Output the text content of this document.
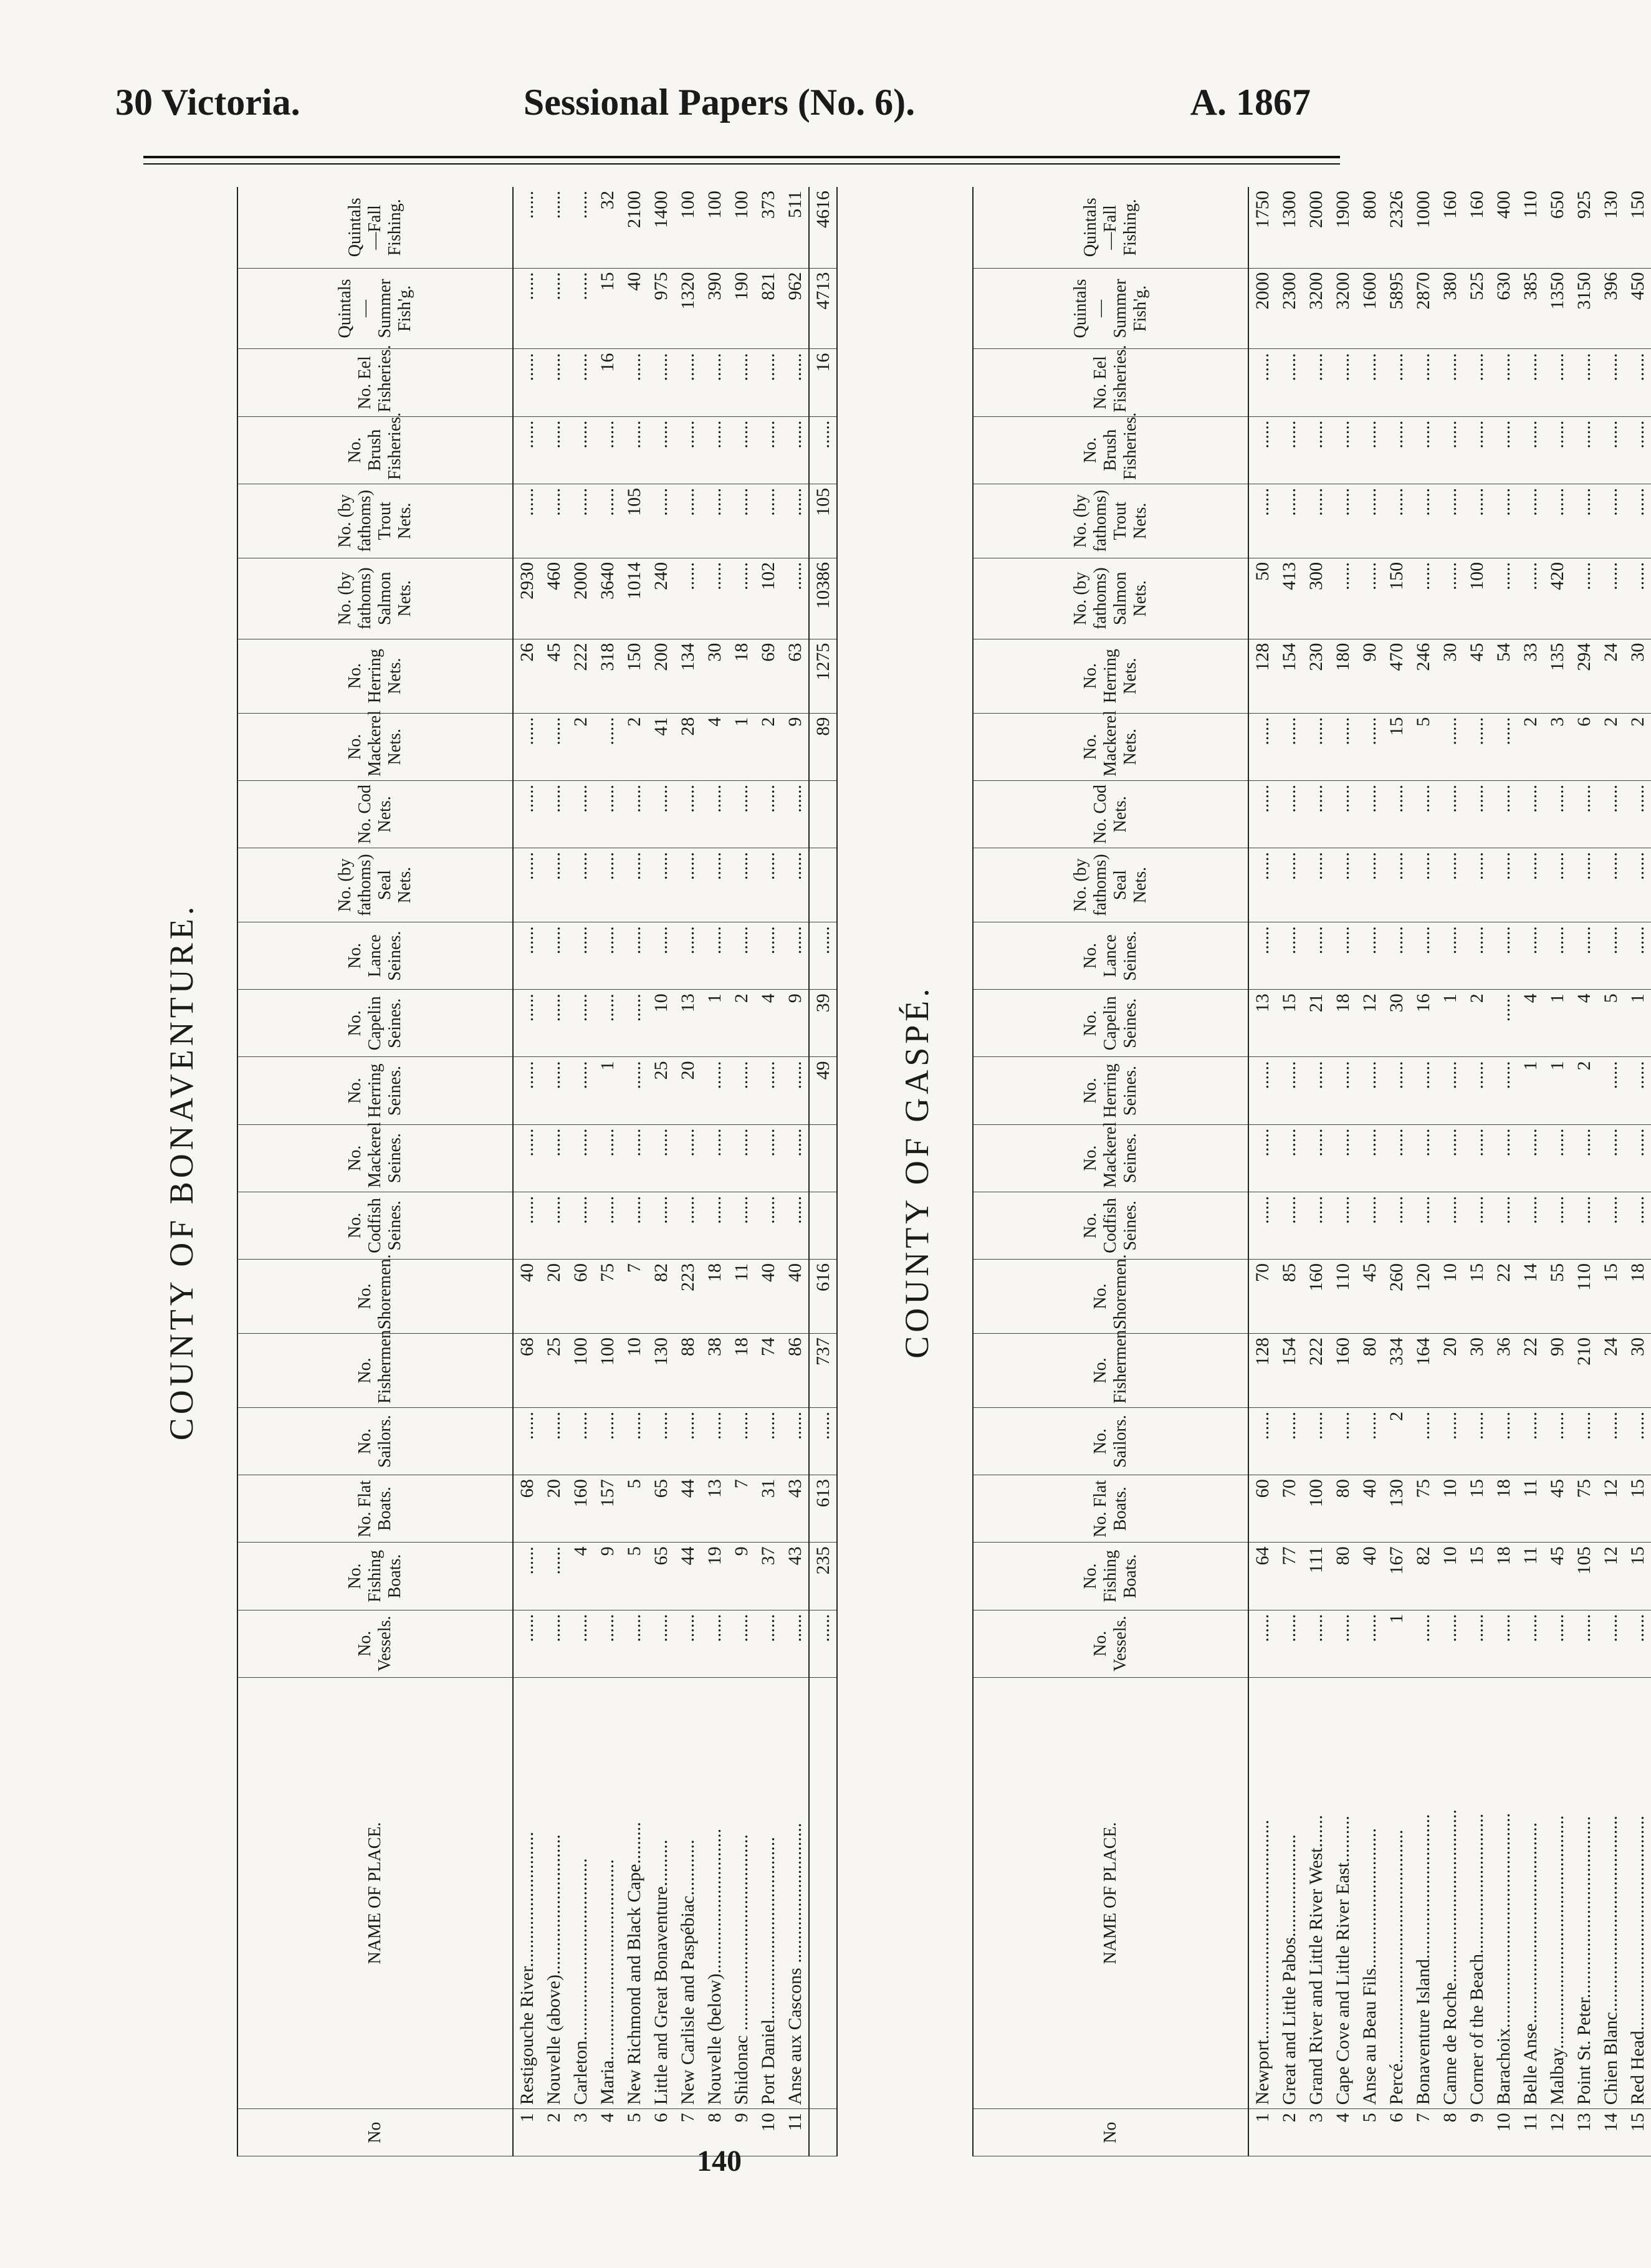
30 Victoria.	Sessional Papers (No. 6).	A. 1867
COUNTY OF BONAVENTURE.
No	NAME OF PLACE.	No. Vessels.	No. Fishing Boats.	No. Flat Boats.	No. Sailors.	No. Fishermen.	No. Shoremen.	No. Codfish Seines.	No. Mackerel Seines.	No. Herring Seines.	No. Capelin Seines.	No. Lance Seines.	No. (by fathoms) Seal Nets.	No. Cod Nets.	No. Mackerel Nets.	No. Herring Nets.	No. (by fathoms) Salmon Nets.	No. (by fathoms) Trout Nets.	No. Brush Fisheries.	No. Eel Fisheries.	Quintals—Summer Fish'g.	Quintals—Fall Fishing.
1	Restigouche River.............................	......	......	68	......	68	40	......	......	......	......	......	......	......	......	26	2930	......	......	......	......	......
2	Nouvelle (above)..............................	......	......	20	......	25	20	......	......	......	......	......	......	......	......	45	460	......	......	......	......	......
3	Carleton.......................................	......	4	160	......	100	60	......	......	......	......	......	......	......	2	222	2000	......	......	......	......	......
4	Maria...........................................	......	9	157	......	100	75	......	......	1	......	......	......	......	......	318	3640	......	......	16	15	32
5	New Richmond and Black Cape.........	......	5	5	......	10	7	......	......	......	......	......	......	......	2	150	1014	105	......	......	40	2100
6	Little and Great Bonaventure..........	......	65	65	......	130	82	......	......	25	10	......	......	......	41	200	240	......	......	......	975	1400
7	New Carlisle and Paspébiac............	......	44	44	......	88	223	......	......	20	13	......	......	......	28	134	......	......	......	......	1320	100
8	Nouvelle (below)...............................	......	19	13	......	38	18	......	......	......	1	......	......	......	4	30	......	......	......	......	390	100
9	Shidonac ..........................................	......	9	7	......	18	11	......	......	......	2	......	......	......	1	18	......	......	......	......	190	100
10	Port Daniel.......................................	......	37	31	......	74	40	......	......	......	4	......	......	......	2	69	102	......	......	......	821	373
11	Anse aux Cascons ..............................	......	43	43	......	86	40	......	......	......	9	......	......	......	9	63	......	......	......	......	962	511
		......	235	613	......	737	616			49	39	......			89	1275	10386	105	......	16	4713	4616
COUNTY OF GASPÉ.
No	NAME OF PLACE.	No. Vessels.	No. Fishing Boats.	No. Flat Boats.	No. Sailors.	No. Fishermen.	No. Shoremen.	No. Codfish Seines.	No. Mackerel Seines.	No. Herring Seines.	No. Capelin Seines.	No. Lance Seines.	No. (by fathoms) Seal Nets.	No. Cod Nets.	No. Mackerel Nets.	No. Herring Nets.	No. (by fathoms) Salmon Nets.	No. (by fathoms) Trout Nets.	No. Brush Fisheries.	No. Eel Fisheries.	Quintals—Summer Fish'g.	Quintals—Fall Fishing.
1	Newport...............................................	......	64	60	......	128	70	......	......	......	13	......	......	......	......	128	50	......	......	......	2000	1750
2	Great and Little Pabos......................	......	77	70	......	154	85	......	......	......	15	......	......	......	......	154	413	......	......	......	2300	1300
3	Grand River and Little River West.......	......	111	100	......	222	160	......	......	......	21	......	......	......	......	230	300	......	......	......	3200	2000
4	Cape Cove and Little River East..........	......	80	80	......	160	110	......	......	......	18	......	......	......	......	180	......	......	......	......	3200	1900
5	Anse au Beau Fils..............................	......	40	40	......	80	45	......	......	......	12	......	......	......	......	90	......	......	......	......	1600	800
6	Percé..................................................	1	167	130	2	334	260	......	......	......	30	......	......	......	15	470	150	......	......	......	5895	2326
7	Bonaventure Island...............................	......	82	75	......	164	120	......	......	......	16	......	......	......	5	246	......	......	......	......	2870	1000
8	Canne de Roche.....................................	......	10	10	......	20	10	......	......	......	1	......	......	......	......	30	......	......	......	......	380	160
9	Corner of the Beach..............................	......	15	15	......	30	15	......	......	......	2	......	......	......	......	45	100	......	......	......	525	160
10	Barachoix..............................................	......	18	18	......	36	22	......	......	......	......	......	......	......	......	54	......	......	......	......	630	400
11	Belle Anse...........................................	......	11	11	......	22	14	......	......	1	4	......	......	......	2	33	......	......	......	......	385	110
12	Malbay..................................................	......	45	45	......	90	55	......	......	1	1	......	......	......	3	135	420	......	......	......	1350	650
13	Point St. Peter.......................................	......	105	75	......	210	110	......	......	2	4	......	......	......	6	294	......	......	......	......	3150	925
14	Chien Blanc..........................................	......	12	12	......	24	15	......	......	......	5	......	......	......	2	24	......	......	......	......	396	130
15	Red Head..............................................	......	15	15	......	30	18	......	......	......	1	......	......	......	2	30	......	......	......	......	450	150
140
